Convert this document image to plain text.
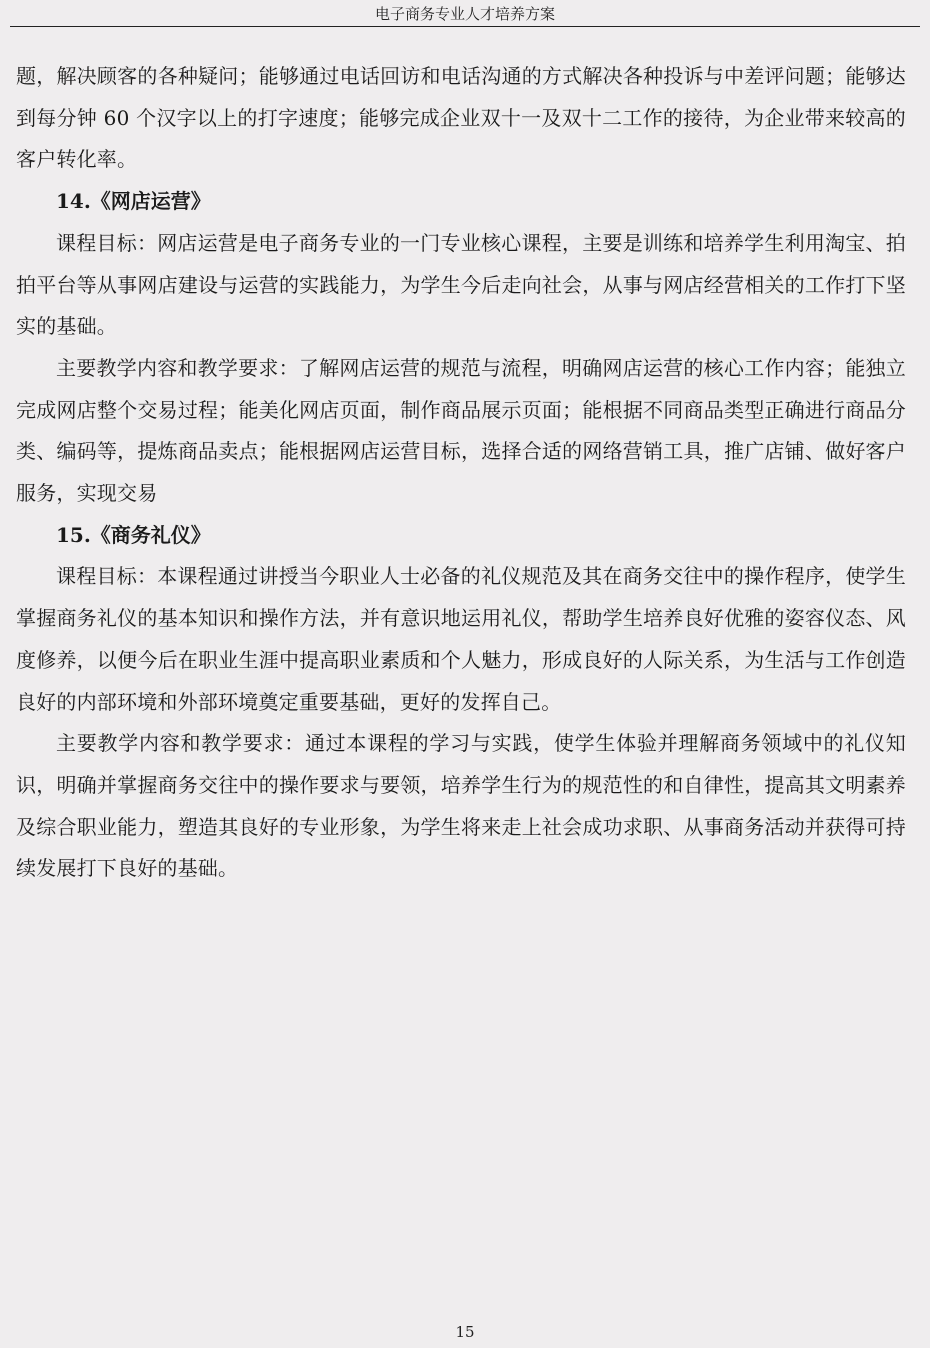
电子商务专业人才培养方案

题，解决顾客的各种疑问；能够通过电话回访和电话沟通的方式解决各种投诉与中差评问题；能够达到每分钟 60 个汉字以上的打字速度；能够完成企业双十一及双十二工作的接待，为企业带来较高的客户转化率。

14.《网店运营》

课程目标：网店运营是电子商务专业的一门专业核心课程，主要是训练和培养学生利用淘宝、拍拍平台等从事网店建设与运营的实践能力，为学生今后走向社会，从事与网店经营相关的工作打下坚实的基础。

主要教学内容和教学要求：了解网店运营的规范与流程，明确网店运营的核心工作内容；能独立完成网店整个交易过程；能美化网店页面，制作商品展示页面；能根据不同商品类型正确进行商品分类、编码等，提炼商品卖点；能根据网店运营目标，选择合适的网络营销工具，推广店铺、做好客户服务，实现交易

15.《商务礼仪》

课程目标：本课程通过讲授当今职业人士必备的礼仪规范及其在商务交往中的操作程序，使学生掌握商务礼仪的基本知识和操作方法，并有意识地运用礼仪，帮助学生培养良好优雅的姿容仪态、风度修养，以便今后在职业生涯中提高职业素质和个人魅力，形成良好的人际关系，为生活与工作创造良好的内部环境和外部环境奠定重要基础，更好的发挥自己。

主要教学内容和教学要求：通过本课程的学习与实践，使学生体验并理解商务领域中的礼仪知识，明确并掌握商务交往中的操作要求与要领，培养学生行为的规范性的和自律性，提高其文明素养及综合职业能力，塑造其良好的专业形象，为学生将来走上社会成功求职、从事商务活动并获得可持续发展打下良好的基础。

15
